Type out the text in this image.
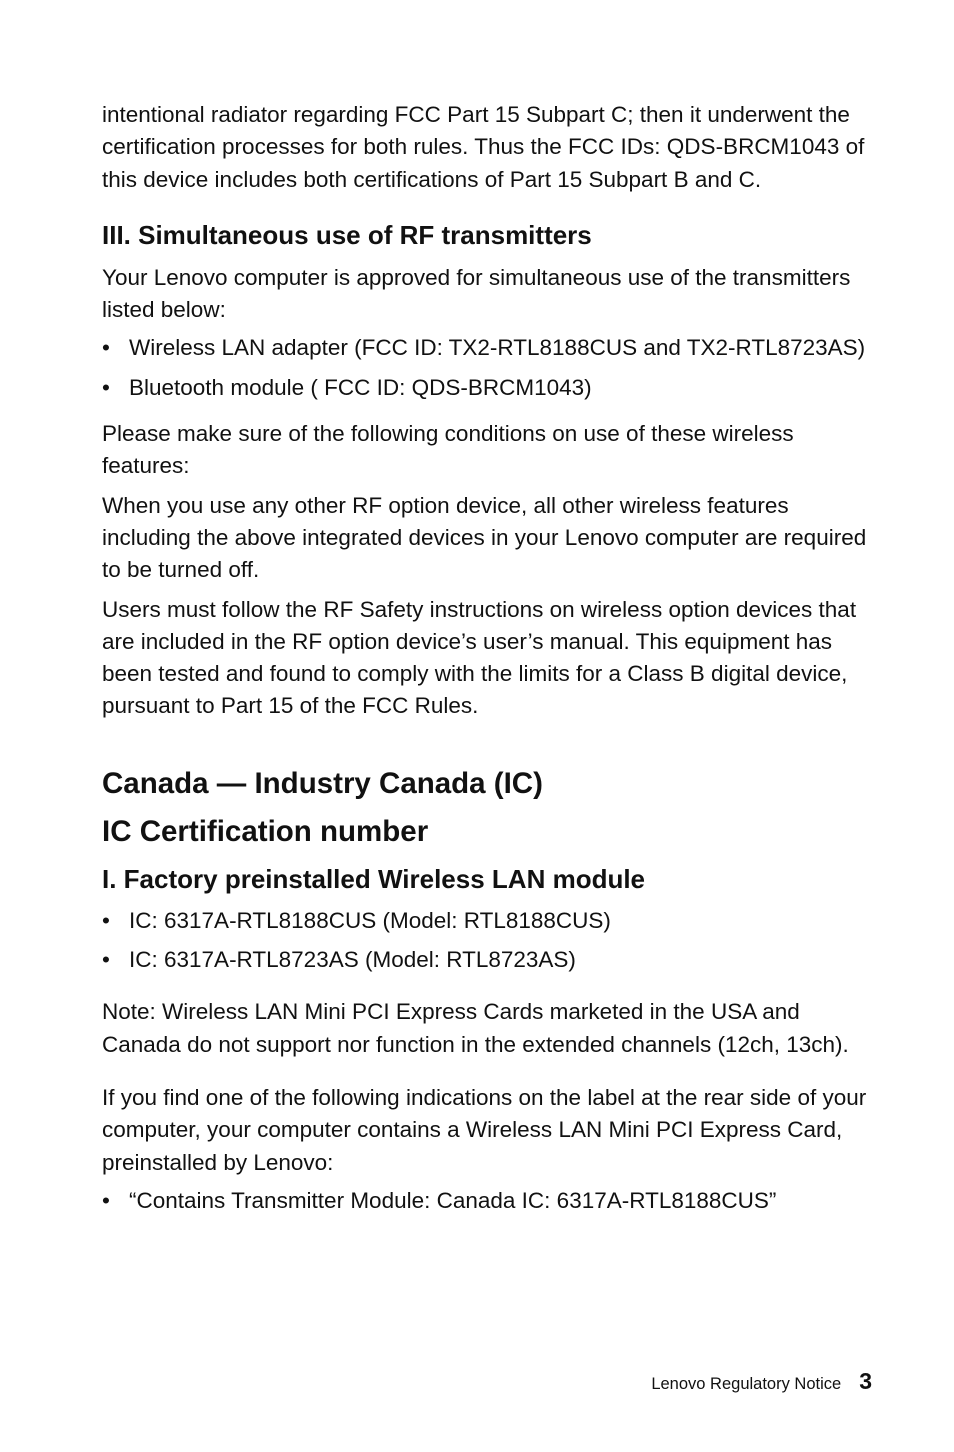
intentional radiator regarding FCC Part 15 Subpart C; then it underwent the certification processes for both rules. Thus the FCC IDs: QDS-BRCM1043 of this device includes both certifications of Part 15 Subpart B and C.

III. Simultaneous use of RF transmitters

Your Lenovo computer is approved for simultaneous use of the transmitters listed below:

• Wireless LAN adapter (FCC ID: TX2-RTL8188CUS and TX2-RTL8723AS)
• Bluetooth module ( FCC ID: QDS-BRCM1043)

Please make sure of the following conditions on use of these wireless features:

When you use any other RF option device, all other wireless features including the above integrated devices in your Lenovo computer are required to be turned off.

Users must follow the RF Safety instructions on wireless option devices that are included in the RF option device’s user’s manual. This equipment has been tested and found to comply with the limits for a Class B digital device, pursuant to Part 15 of the FCC Rules.

Canada — Industry Canada (IC)
IC Certification number
I. Factory preinstalled Wireless LAN module
• IC: 6317A-RTL8188CUS (Model: RTL8188CUS)
• IC: 6317A-RTL8723AS (Model: RTL8723AS)

Note: Wireless LAN Mini PCI Express Cards marketed in the USA and Canada do not support nor function in the extended channels (12ch, 13ch).

If you find one of the following indications on the label at the rear side of your computer, your computer contains a Wireless LAN Mini PCI Express Card, preinstalled by Lenovo:

• “Contains Transmitter Module: Canada IC: 6317A-RTL8188CUS”
Lenovo Regulatory Notice 3
